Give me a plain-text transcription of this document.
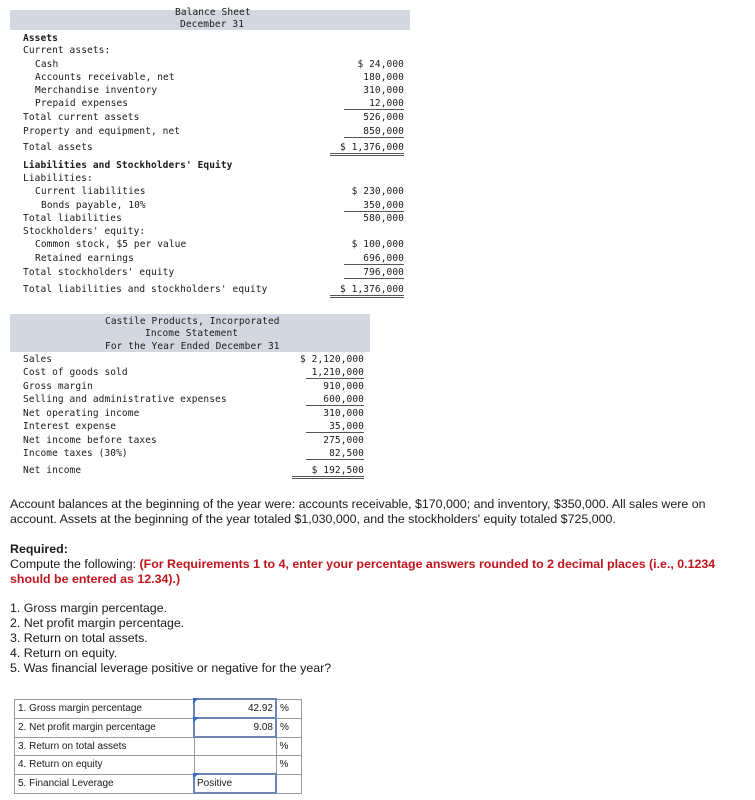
Balance Sheet
December 31
Assets
Current assets:
Cash	$ 24,000
Accounts receivable, net	180,000
Merchandise inventory	310,000
Prepaid expenses	12,000
Total current assets	526,000
Property and equipment, net	850,000
Total assets	$ 1,376,000
Liabilities and Stockholders' Equity
Liabilities:
Current liabilities	$ 230,000
Bonds payable, 10%	350,000
Total liabilities	580,000
Stockholders' equity:
Common stock, $5 per value	$ 100,000
Retained earnings	696,000
Total stockholders' equity	796,000
Total liabilities and stockholders' equity	$ 1,376,000
Castile Products, Incorporated
Income Statement
For the Year Ended December 31
Sales	$ 2,120,000
Cost of goods sold	1,210,000
Gross margin	910,000
Selling and administrative expenses	600,000
Net operating income	310,000
Interest expense	35,000
Net income before taxes	275,000
Income taxes (30%)	82,500
Net income	$ 192,500
Account balances at the beginning of the year were: accounts receivable, $170,000; and inventory, $350,000. All sales were on account. Assets at the beginning of the year totaled $1,030,000, and the stockholders' equity totaled $725,000.
Required:
Compute the following: (For Requirements 1 to 4, enter your percentage answers rounded to 2 decimal places (i.e., 0.1234 should be entered as 12.34).)
1. Gross margin percentage.
2. Net profit margin percentage.
3. Return on total assets.
4. Return on equity.
5. Was financial leverage positive or negative for the year?
1. Gross margin percentage	42.92	%
2. Net profit margin percentage	9.08	%
3. Return on total assets		%
4. Return on equity		%
5. Financial Leverage	Positive	
